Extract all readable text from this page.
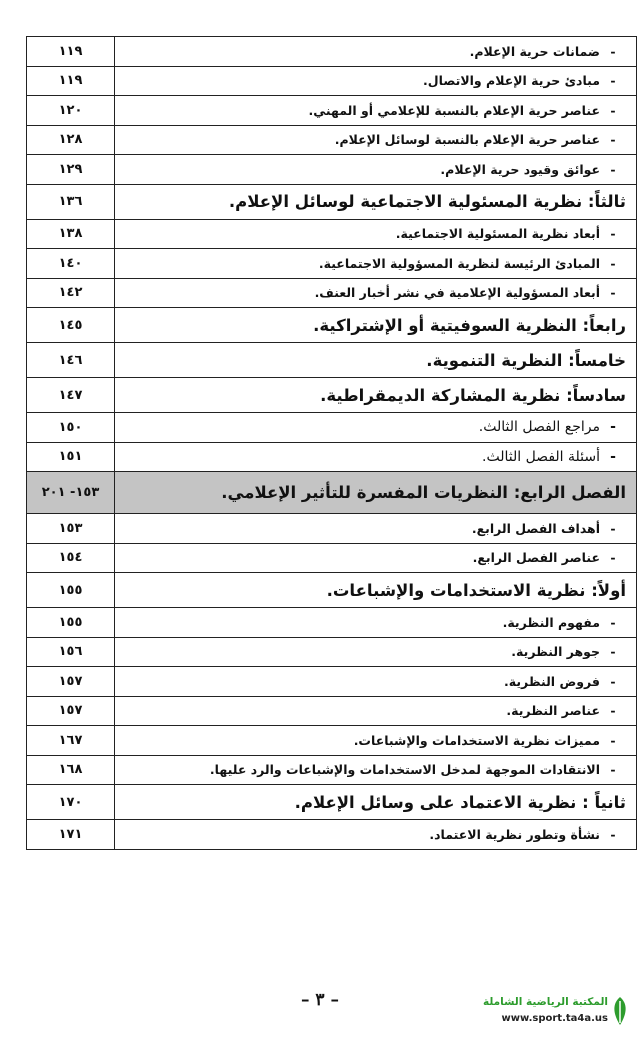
-ضمانات حرية الإعلام.	١١٩
-مبادئ حرية الإعلام والاتصال.	١١٩
-عناصر حرية الإعلام بالنسبة للإعلامي أو المهني.	١٢٠
-عناصر حرية الإعلام بالنسبة لوسائل الإعلام.	١٢٨
-عوائق وقيود حرية الإعلام.	١٢٩
ثالثاً: نظرية المسئولية الاجتماعية لوسائل الإعلام.	١٣٦
-أبعاد نظرية المسئولية الاجتماعية.	١٣٨
-المبادئ الرئيسة لنظرية المسؤولية الاجتماعية.	١٤٠
-أبعاد المسؤولية الإعلامية في نشر أخبار العنف.	١٤٢
رابعاً: النظرية السوفيتية أو الإشتراكية.	١٤٥
خامساً: النظرية التنموية.	١٤٦
سادساً: نظرية المشاركة الديمقراطية.	١٤٧
-مراجع الفصل الثالث.	١٥٠
-أسئلة الفصل الثالث.	١٥١
الفصل الرابع: النظريات المفسرة للتأثير الإعلامي.	١٥٣- ٢٠١
-أهداف الفصل الرابع.	١٥٣
-عناصر الفصل الرابع.	١٥٤
أولاً: نظرية الاستخدامات والإشباعات.	١٥٥
-مفهوم النظرية.	١٥٥
-جوهر النظرية.	١٥٦
-فروض النظرية.	١٥٧
-عناصر النظرية.	١٥٧
-مميزات نظرية الاستخدامات والإشباعات.	١٦٧
-الانتقادات الموجهة لمدخل الاستخدامات والإشباعات والرد عليها.	١٦٨
ثانياً : نظرية الاعتماد على وسائل الإعلام.	١٧٠
-نشأة وتطور نظرية الاعتماد.	١٧١
– ٣ –	المكتبة الرياضية الشاملة
www.sport.ta4a.us
